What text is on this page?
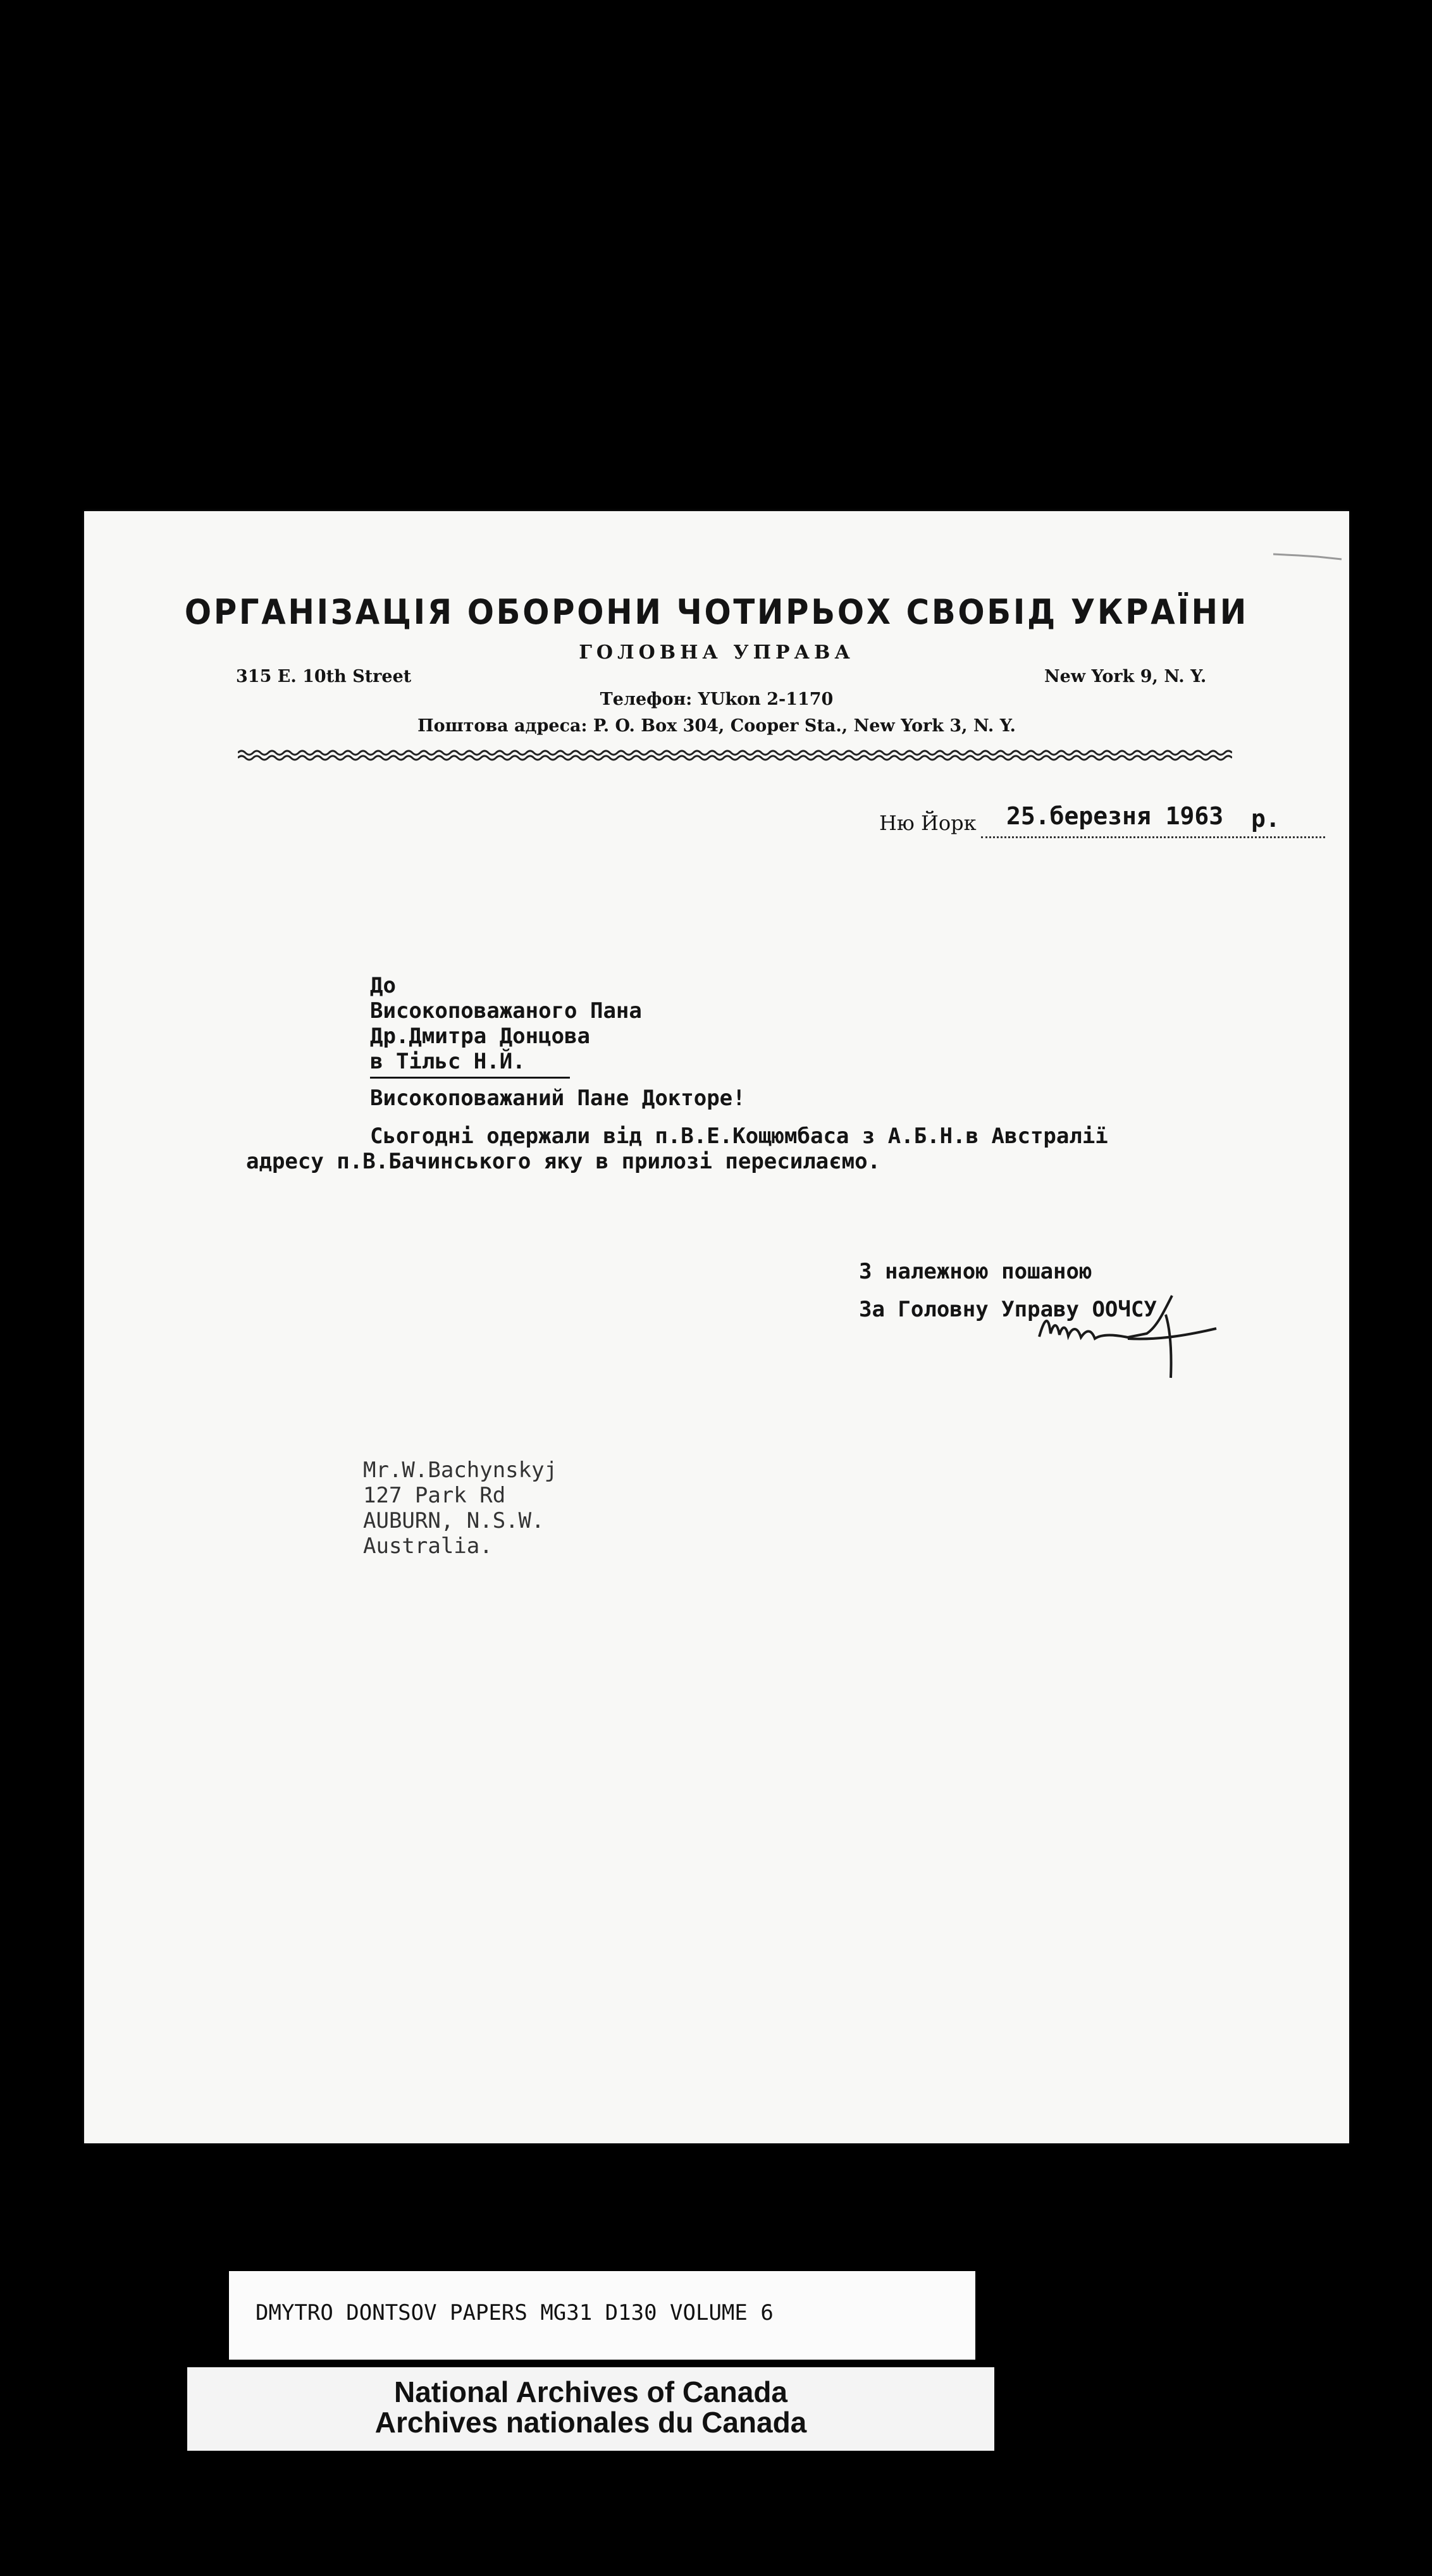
ОРГАНІЗАЦІЯ ОБОРОНИ ЧОТИРЬОХ СВОБІД УКРАЇНИ

ГОЛОВНА УПРАВА

315 E. 10th Street	New York 9, N. Y.

Телефон: YUkon 2-1170

Поштова адреса: P. O. Box 304, Cooper Sta., New York 3, N. Y.

Ню Йорк 25.березня 1963 р.

До

Високоповажаного Пана

Др.Дмитра Донцова

в Тільс Н.Й.

Високоповажаний Пане Докторе!

Сьогодні одержали від п.В.Е.Кощюмбаса з А.Б.Н.в Австралії

адресу п.В.Бачинського яку в прилозі пересилаємо.

З належною пошаною

За Головну Управу ООЧСУ

Mr.W.Bachynskyj

127 Park Rd

AUBURN, N.S.W.

Australia.

DMYTRO DONTSOV PAPERS MG31 D130 VOLUME 6

National Archives of Canada

Archives nationales du Canada
